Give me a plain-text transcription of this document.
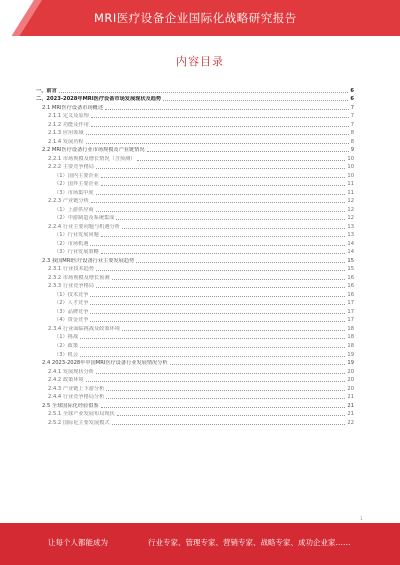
MRI医疗设备企业国际化战略研究报告
内容目录
一、前言	6
二、2023-2028年MRI医疗设备市场发展现状及趋势	6
2.1 MRI医疗设备市场概述	7
2.1.1 定义及原理	7
2.1.2 功能及作用	7
2.1.3 应用领域	8
2.1.4 发展历程	8
2.2 MRI医疗设备行业市场规模及产业链情况	9
2.2.1 市场规模及增长情况（含预测）	10
2.2.2 主要竞争格局	10
（1）国内主要企业	10
（2）国外主要企业	11
（3）市场集中度	11
2.2.3 产业链分析	12
（1）上游供应商	12
（2）中游制造及系统集成	12
2.2.4 行业主要问题与机遇分析	13
（1）行业发展问题	13
（2）市场机遇	14
（3）行业发展策略	14
2.3 我国MRI医疗设备行业主要发展趋势	15
2.3.1 行业技术趋势	15
2.3.2 市场规模及增长预测	16
2.3.3 行业竞争格局	16
（1）技术竞争	16
（2）人才竞争	17
（3）品牌竞争	17
（4）资金竞争	17
2.3.4 行业面临挑战及政策环境	18
（1）挑战	18
（2）政策	18
（3）机会	19
2.4 2023-2028年中国MRI医疗设备行业发展情况分析	19
2.4.1 发展现状分析	20
2.4.2 政策环境	20
2.4.3 产业链上下游分析	20
2.4.4 行业竞争格局分析	21
2.5 全球国际化经验借鉴	21
2.5.1 全球产业发展布局现状	21
2.5.2 国际化主要发展模式	22
1
让每个人都能成为	行业专家、管理专家、营销专家、战略专家、成功企业家……
